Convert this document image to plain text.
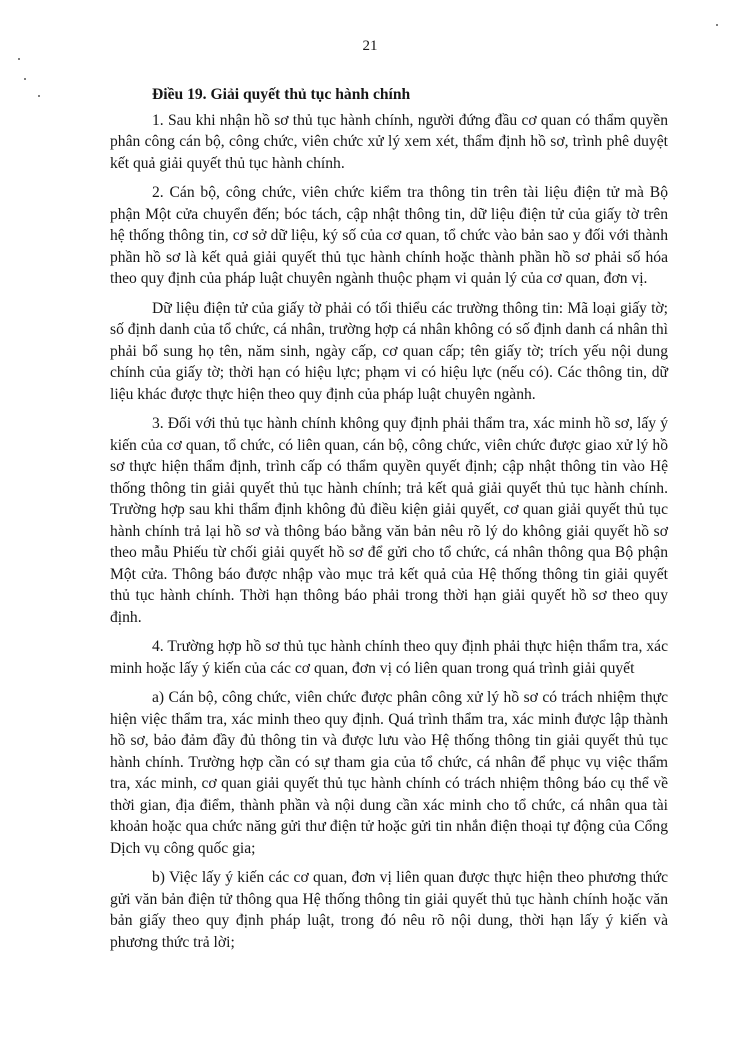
21
Điều 19. Giải quyết thủ tục hành chính
1. Sau khi nhận hồ sơ thủ tục hành chính, người đứng đầu cơ quan có thẩm quyền phân công cán bộ, công chức, viên chức xử lý xem xét, thẩm định hồ sơ, trình phê duyệt kết quả giải quyết thủ tục hành chính.
2. Cán bộ, công chức, viên chức kiểm tra thông tin trên tài liệu điện tử mà Bộ phận Một cửa chuyển đến; bóc tách, cập nhật thông tin, dữ liệu điện tử của giấy tờ trên hệ thống thông tin, cơ sở dữ liệu, ký số của cơ quan, tổ chức vào bản sao y đối với thành phần hồ sơ là kết quả giải quyết thủ tục hành chính hoặc thành phần hồ sơ phải số hóa theo quy định của pháp luật chuyên ngành thuộc phạm vi quản lý của cơ quan, đơn vị.
Dữ liệu điện tử của giấy tờ phải có tối thiểu các trường thông tin: Mã loại giấy tờ; số định danh của tổ chức, cá nhân, trường hợp cá nhân không có số định danh cá nhân thì phải bổ sung họ tên, năm sinh, ngày cấp, cơ quan cấp; tên giấy tờ; trích yếu nội dung chính của giấy tờ; thời hạn có hiệu lực; phạm vi có hiệu lực (nếu có). Các thông tin, dữ liệu khác được thực hiện theo quy định của pháp luật chuyên ngành.
3. Đối với thủ tục hành chính không quy định phải thẩm tra, xác minh hồ sơ, lấy ý kiến của cơ quan, tổ chức, có liên quan, cán bộ, công chức, viên chức được giao xử lý hồ sơ thực hiện thẩm định, trình cấp có thẩm quyền quyết định; cập nhật thông tin vào Hệ thống thông tin giải quyết thủ tục hành chính; trả kết quả giải quyết thủ tục hành chính. Trường hợp sau khi thẩm định không đủ điều kiện giải quyết, cơ quan giải quyết thủ tục hành chính trả lại hồ sơ và thông báo bằng văn bản nêu rõ lý do không giải quyết hồ sơ theo mẫu Phiếu từ chối giải quyết hồ sơ để gửi cho tổ chức, cá nhân thông qua Bộ phận Một cửa. Thông báo được nhập vào mục trả kết quả của Hệ thống thông tin giải quyết thủ tục hành chính. Thời hạn thông báo phải trong thời hạn giải quyết hồ sơ theo quy định.
4. Trường hợp hồ sơ thủ tục hành chính theo quy định phải thực hiện thẩm tra, xác minh hoặc lấy ý kiến của các cơ quan, đơn vị có liên quan trong quá trình giải quyết
a) Cán bộ, công chức, viên chức được phân công xử lý hồ sơ có trách nhiệm thực hiện việc thẩm tra, xác minh theo quy định. Quá trình thẩm tra, xác minh được lập thành hồ sơ, bảo đảm đầy đủ thông tin và được lưu vào Hệ thống thông tin giải quyết thủ tục hành chính. Trường hợp cần có sự tham gia của tổ chức, cá nhân để phục vụ việc thẩm tra, xác minh, cơ quan giải quyết thủ tục hành chính có trách nhiệm thông báo cụ thể về thời gian, địa điểm, thành phần và nội dung cần xác minh cho tổ chức, cá nhân qua tài khoản hoặc qua chức năng gửi thư điện tử hoặc gửi tin nhắn điện thoại tự động của Cổng Dịch vụ công quốc gia;
b) Việc lấy ý kiến các cơ quan, đơn vị liên quan được thực hiện theo phương thức gửi văn bản điện tử thông qua Hệ thống thông tin giải quyết thủ tục hành chính hoặc văn bản giấy theo quy định pháp luật, trong đó nêu rõ nội dung, thời hạn lấy ý kiến và phương thức trả lời;
